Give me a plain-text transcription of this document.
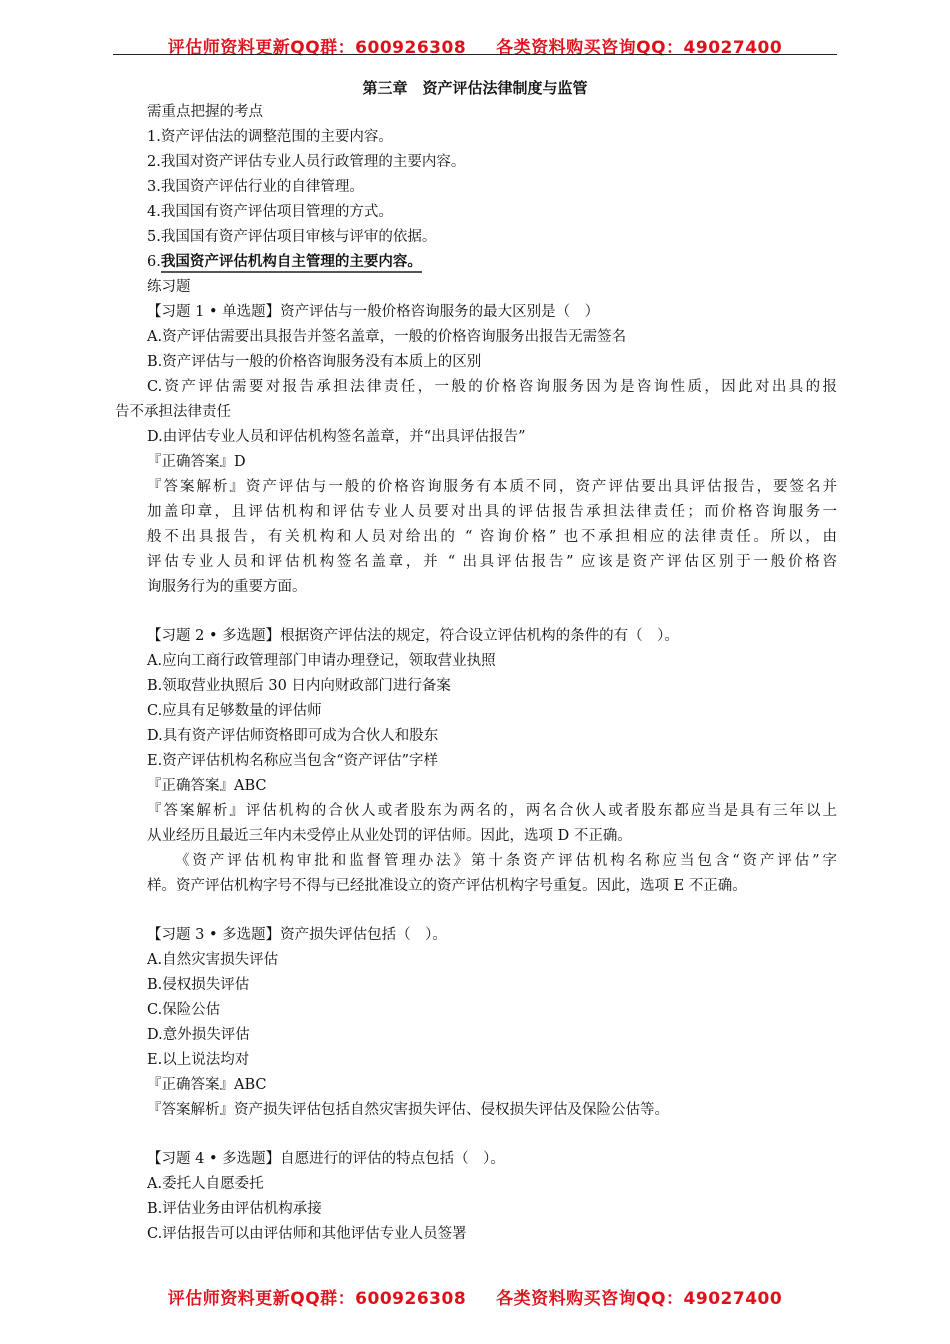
评估师资料更新QQ群：600926308 各类资料购买咨询QQ：49027400
第三章　资产评估法律制度与监管
需重点把握的考点
1.资产评估法的调整范围的主要内容。
2.我国对资产评估专业人员行政管理的主要内容。
3.我国资产评估行业的自律管理。
4.我国国有资产评估项目管理的方式。
5.我国国有资产评估项目审核与评审的依据。
6.我国资产评估机构自主管理的主要内容。
练习题
【习题 1 • 单选题】资产评估与一般价格咨询服务的最大区别是（　）
A.资产评估需要出具报告并签名盖章，一般的价格咨询服务出报告无需签名
B.资产评估与一般的价格咨询服务没有本质上的区别
C.资产评估需要对报告承担法律责任，一般的价格咨询服务因为是咨询性质，因此对出具的报
告不承担法律责任
D.由评估专业人员和评估机构签名盖章，并“出具评估报告”
『正确答案』D
『答案解析』资产评估与一般的价格咨询服务有本质不同，资产评估要出具评估报告，要签名并
加盖印章，且评估机构和评估专业人员要对出具的评估报告承担法律责任；而价格咨询服务一
般不出具报告，有关机构和人员对给出的 “ 咨询价格” 也不承担相应的法律责任。所以，由
评估专业人员和评估机构签名盖章，并 “ 出具评估报告” 应该是资产评估区别于一般价格咨
询服务行为的重要方面。
【习题 2 • 多选题】根据资产评估法的规定，符合设立评估机构的条件的有（　）。
A.应向工商行政管理部门申请办理登记，领取营业执照
B.领取营业执照后 30 日内向财政部门进行备案
C.应具有足够数量的评估师
D.具有资产评估师资格即可成为合伙人和股东
E.资产评估机构名称应当包含“资产评估”字样
『正确答案』ABC
『答案解析』评估机构的合伙人或者股东为两名的，两名合伙人或者股东都应当是具有三年以上
从业经历且最近三年内未受停止从业处罚的评估师。因此，选项 D 不正确。
《资产评估机构审批和监督管理办法》第十条资产评估机构名称应当包含“资产评估”字
样。资产评估机构字号不得与已经批准设立的资产评估机构字号重复。因此，选项 E 不正确。
【习题 3 • 多选题】资产损失评估包括（　）。
A.自然灾害损失评估
B.侵权损失评估
C.保险公估
D.意外损失评估
E.以上说法均对
『正确答案』ABC
『答案解析』资产损失评估包括自然灾害损失评估、侵权损失评估及保险公估等。
【习题 4 • 多选题】自愿进行的评估的特点包括（　）。
A.委托人自愿委托
B.评估业务由评估机构承接
C.评估报告可以由评估师和其他评估专业人员签署
评估师资料更新QQ群：600926308 各类资料购买咨询QQ：49027400
